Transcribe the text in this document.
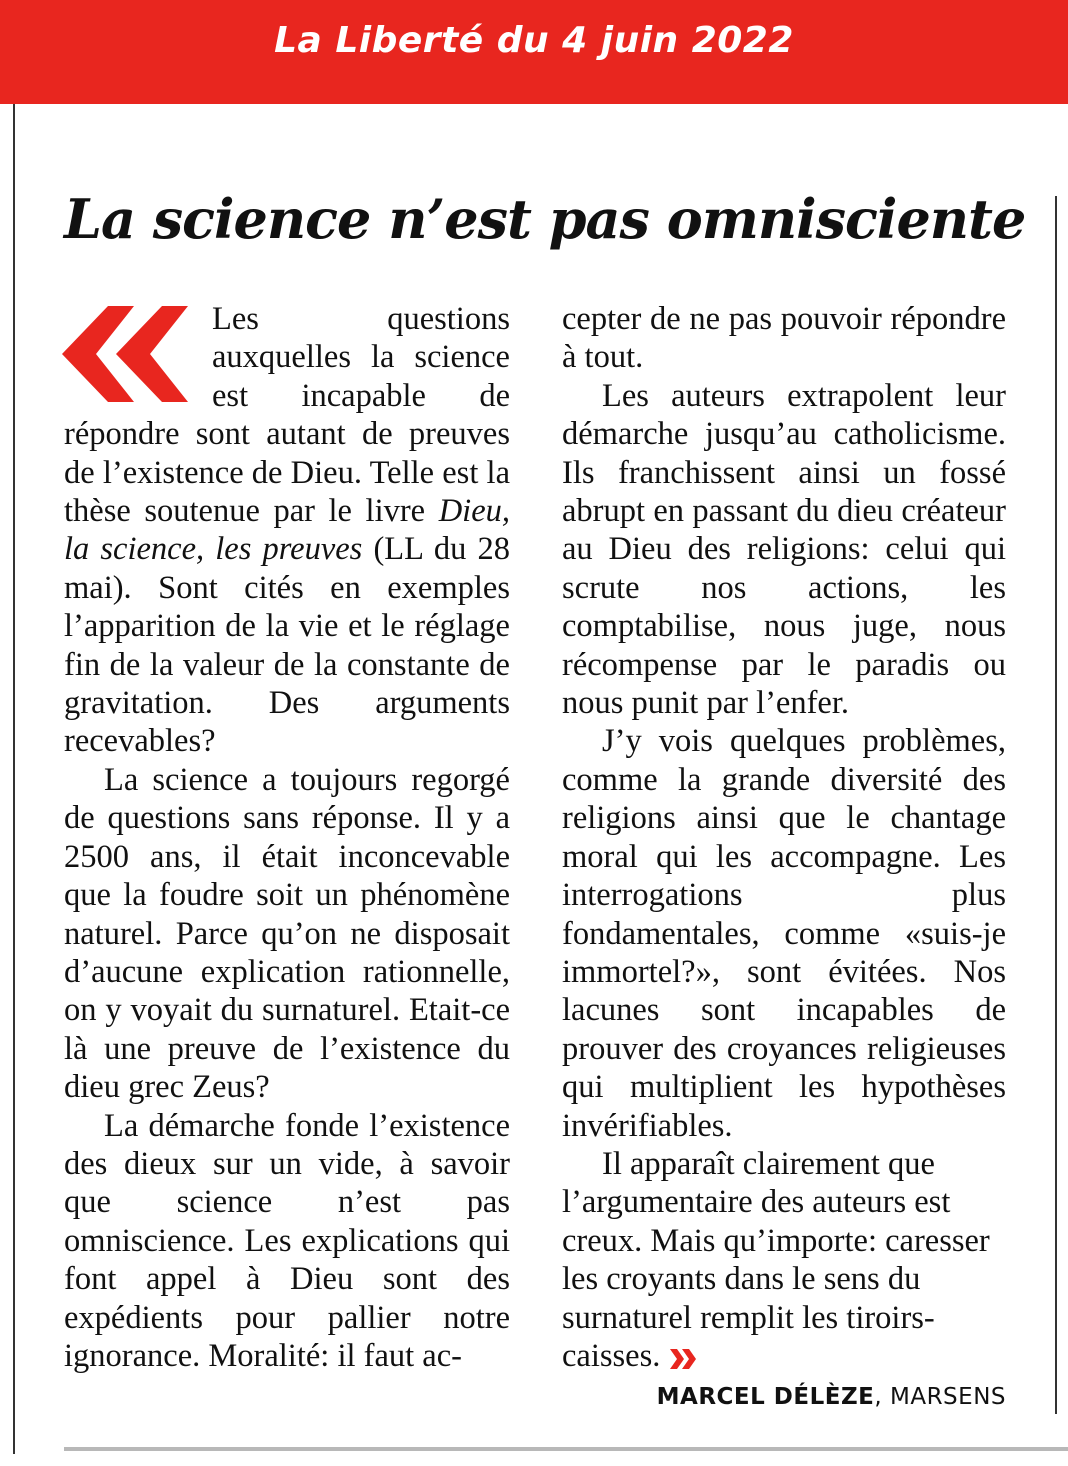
La Liberté du 4 juin 2022
La science n’est pas omnisciente

Les questions auxquelles la science est incapable de répondre sont autant de preuves de l’existence de Dieu. Telle est la thèse soutenue par le livre Dieu, la science, les preuves (LL du 28 mai). Sont cités en exemples l’apparition de la vie et le réglage fin de la valeur de la constante de gravitation. Des arguments recevables?

La science a toujours regorgé de questions sans réponse. Il y a 2500 ans, il était inconcevable que la foudre soit un phénomène naturel. Parce qu’on ne disposait d’aucune explication rationnelle, on y voyait du surnaturel. Etait-ce là une preuve de l’existence du dieu grec Zeus?

La démarche fonde l’existence des dieux sur un vide, à savoir que science n’est pas omniscience. Les explications qui font appel à Dieu sont des expédients pour pallier notre ignorance. Moralité: il faut ac-

cepter de ne pas pouvoir répondre à tout.

Les auteurs extrapolent leur démarche jusqu’au catholicisme. Ils franchissent ainsi un fossé abrupt en passant du dieu créateur au Dieu des religions: celui qui scrute nos actions, les comptabilise, nous juge, nous récompense par le paradis ou nous punit par l’enfer.

J’y vois quelques problèmes, comme la grande diversité des religions ainsi que le chantage moral qui les accompagne. Les interrogations plus fondamentales, comme «suis-je immortel?», sont évitées. Nos lacunes sont incapables de prouver des croyances religieuses qui multiplient les hypothèses invérifiables.

Il apparaît clairement que l’argumentaire des auteurs est creux. Mais qu’importe: caresser les croyants dans le sens du surnaturel remplit les tiroirs-caisses.

MARCEL DÉLÈZE, MARSENS
